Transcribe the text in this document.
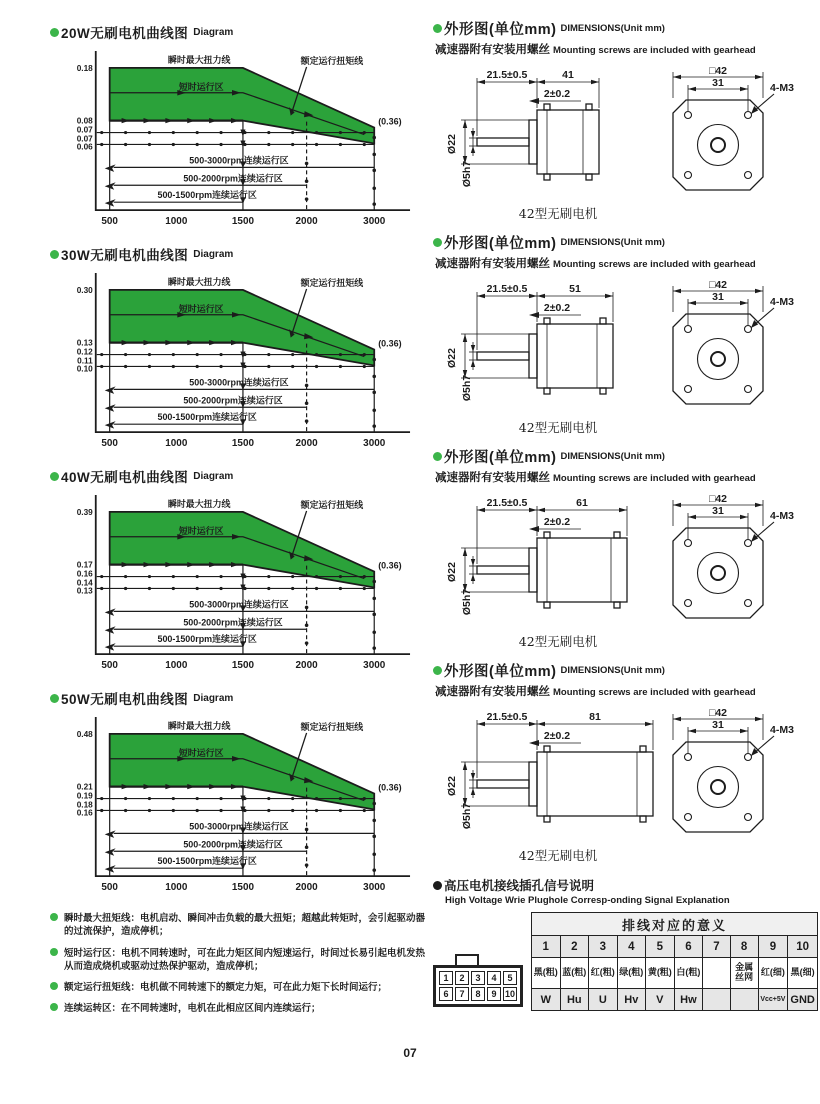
20W无刷电机曲线图 Diagram
瞬时最大扭力线
短时运行区
额定运行扭矩线
(0.36)
0.18
0.08
0.07
0.07
0.06
500	1000	1500	2000	3000
500-3000rpm连续运行区
500-2000rpm连续运行区
500-1500rpm连续运行区
30W无刷电机曲线图 Diagram
瞬时最大扭力线
短时运行区
额定运行扭矩线
(0.36)
0.30
0.13
0.12
0.11
0.10
500	1000	1500	2000	3000
500-3000rpm连续运行区
500-2000rpm连续运行区
500-1500rpm连续运行区
40W无刷电机曲线图 Diagram
瞬时最大扭力线
短时运行区
额定运行扭矩线
(0.36)
0.39
0.17
0.16
0.14
0.13
500	1000	1500	2000	3000
500-3000rpm连续运行区
500-2000rpm连续运行区
500-1500rpm连续运行区
50W无刷电机曲线图 Diagram
瞬时最大扭力线
短时运行区
额定运行扭矩线
(0.36)
0.48
0.21
0.19
0.18
0.16
500	1000	1500	2000	3000
500-3000rpm连续运行区
500-2000rpm连续运行区
500-1500rpm连续运行区
瞬时最大扭矩线：电机启动、瞬间冲击负载的最大扭矩；超越此转矩时，会引起驱动器的过流保护，造成停机；
短时运行区：电机不同转速时，可在此力矩区间内短速运行，时间过长易引起电机发热从而造成烧机或驱动过热保护驱动，造成停机；
额定运行扭矩线：电机做不同转速下的额定力矩，可在此力矩下长时间运行；
连续运转区：在不同转速时，电机在此相应区间内连续运行；
外形图(单位mm) DIMENSIONS(Unit mm)
减速器附有安装用螺丝 Mounting screws are included with gearhead
21.5±0.5	41
2±0.2
Ø22
Ø5h7
□42
31	4-M3
42型无刷电机
外形图(单位mm) DIMENSIONS(Unit mm)
减速器附有安装用螺丝 Mounting screws are included with gearhead
21.5±0.5	51
2±0.2
Ø22
Ø5h7
□42
31	4-M3
42型无刷电机
外形图(单位mm) DIMENSIONS(Unit mm)
减速器附有安装用螺丝 Mounting screws are included with gearhead
21.5±0.5	61
2±0.2
Ø22
Ø5h7
□42
31	4-M3
42型无刷电机
外形图(单位mm) DIMENSIONS(Unit mm)
减速器附有安装用螺丝 Mounting screws are included with gearhead
21.5±0.5	81
2±0.2
Ø22
Ø5h7
□42
31	4-M3
42型无刷电机
高压电机接线插孔信号说明
High Voltage Wrie Plughole Corresp-onding Signal Explanation
1	2	3	4	5
6	7	8	9 10
排线对应的意义									
1	2	3	4	5	6	7	8	9	10
黑(粗)	蓝(粗)	红(粗)	绿(粗)	黄(粗)	白(粗)		金属丝网	红(细)	黑(细)
W	Hu	U	Hv	V	Hw			Vcc+5V	GND
07
